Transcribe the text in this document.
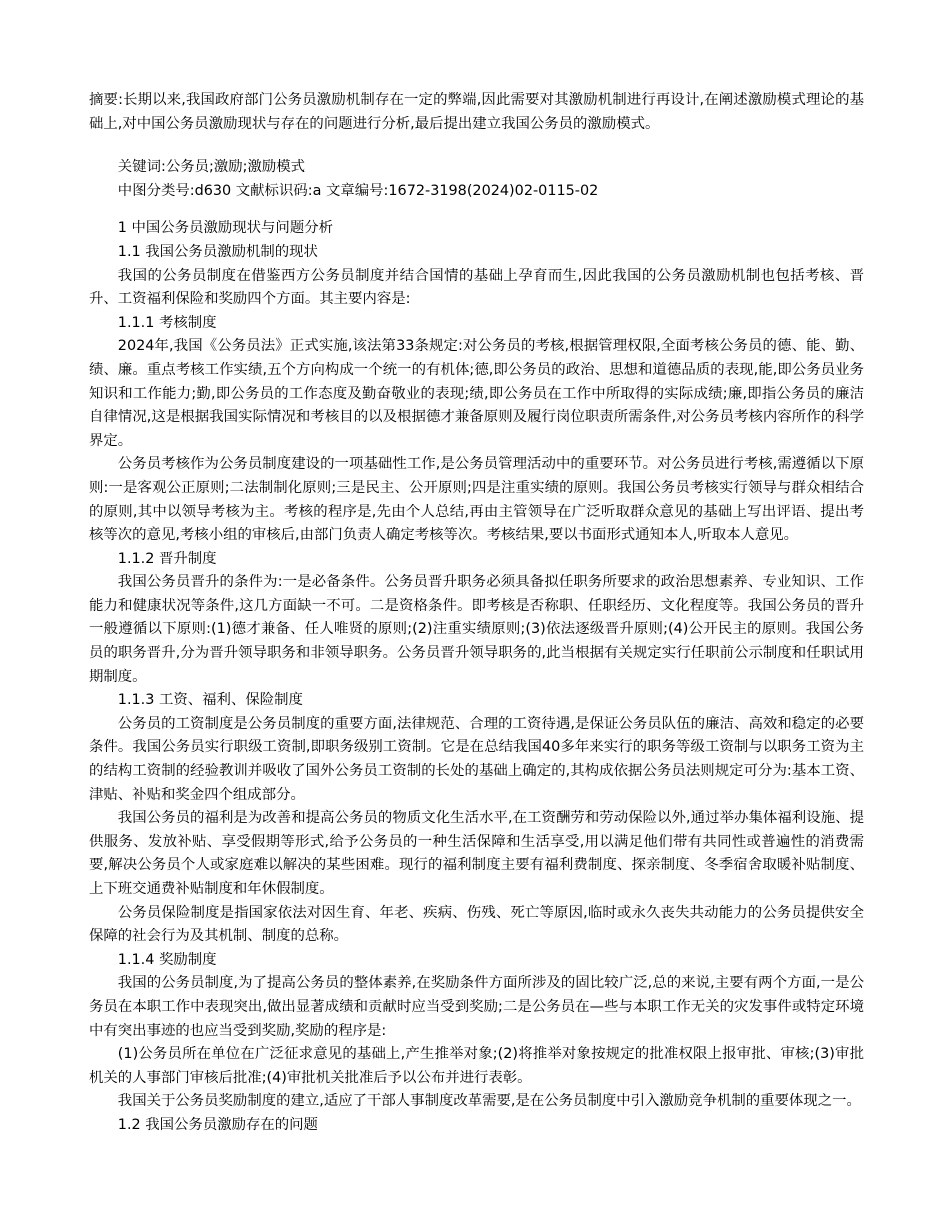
摘要:长期以来,我国政府部门公务员激励机制存在一定的弊端,因此需要对其激励机制进行再设计,在阐述激励模式理论的基础上,对中国公务员激励现状与存在的问题进行分析,最后提出建立我国公务员的激励模式。

关键词:公务员;激励;激励模式

中图分类号:d630 文献标识码:a 文章编号:1672-3198(2024)02-0115-02

1 中国公务员激励现状与问题分析

1.1 我国公务员激励机制的现状

我国的公务员制度在借鉴西方公务员制度并结合国情的基础上孕育而生,因此我国的公务员激励机制也包括考核、晋升、工资福利保险和奖励四个方面。其主要内容是:

1.1.1 考核制度

2024年,我国《公务员法》正式实施,该法第33条规定:对公务员的考核,根据管理权限,全面考核公务员的德、能、勤、绩、廉。重点考核工作实绩,五个方向构成一个统一的有机体;德,即公务员的政治、思想和道德品质的表现,能,即公务员业务知识和工作能力;勤,即公务员的工作态度及勤奋敬业的表现;绩,即公务员在工作中所取得的实际成绩;廉,即指公务员的廉洁自律情况,这是根据我国实际情况和考核目的以及根据德才兼备原则及履行岗位职责所需条件,对公务员考核内容所作的科学界定。

公务员考核作为公务员制度建设的一项基础性工作,是公务员管理活动中的重要环节。对公务员进行考核,需遵循以下原则:一是客观公正原则;二法制制化原则;三是民主、公开原则;四是注重实绩的原则。我国公务员考核实行领导与群众相结合的原则,其中以领导考核为主。考核的程序是,先由个人总结,再由主管领导在广泛听取群众意见的基础上写出评语、提出考核等次的意见,考核小组的审核后,由部门负责人确定考核等次。考核结果,要以书面形式通知本人,听取本人意见。

1.1.2 晋升制度

我国公务员晋升的条件为:一是必备条件。公务员晋升职务必须具备拟任职务所要求的政治思想素养、专业知识、工作能力和健康状况等条件,这几方面缺一不可。二是资格条件。即考核是否称职、任职经历、文化程度等。我国公务员的晋升一般遵循以下原则:(1)德才兼备、任人唯贤的原则;(2)注重实绩原则;(3)依法逐级晋升原则;(4)公开民主的原则。我国公务员的职务晋升,分为晋升领导职务和非领导职务。公务员晋升领导职务的,此当根据有关规定实行任职前公示制度和任职试用期制度。

1.1.3 工资、福利、保险制度

公务员的工资制度是公务员制度的重要方面,法律规范、合理的工资待遇,是保证公务员队伍的廉洁、高效和稳定的必要条件。我国公务员实行职级工资制,即职务级别工资制。它是在总结我国40多年来实行的职务等级工资制与以职务工资为主的结构工资制的经验教训并吸收了国外公务员工资制的长处的基础上确定的,其构成依据公务员法则规定可分为:基本工资、津贴、补贴和奖金四个组成部分。

我国公务员的福利是为改善和提高公务员的物质文化生活水平,在工资酬劳和劳动保险以外,通过举办集体福利设施、提供服务、发放补贴、享受假期等形式,给予公务员的一种生活保障和生活享受,用以满足他们带有共同性或普遍性的消费需要,解决公务员个人或家庭难以解决的某些困难。现行的福利制度主要有福利费制度、探亲制度、冬季宿舍取暖补贴制度、上下班交通费补贴制度和年休假制度。

公务员保险制度是指国家依法对因生育、年老、疾病、伤残、死亡等原因,临时或永久丧失共动能力的公务员提供安全保障的社会行为及其机制、制度的总称。

1.1.4 奖励制度

我国的公务员制度,为了提高公务员的整体素养,在奖励条件方面所涉及的固比较广泛,总的来说,主要有两个方面,一是公务员在本职工作中表现突出,做出显著成绩和贡献时应当受到奖励;二是公务员在—些与本职工作无关的灾发事件或特定环境中有突出事迹的也应当受到奖励,奖励的程序是:

(1)公务员所在单位在广泛征求意见的基础上,产生推举对象;(2)将推举对象按规定的批准权限上报审批、审核;(3)审批机关的人事部门审核后批准;(4)审批机关批准后予以公布并进行表彰。

我国关于公务员奖励制度的建立,适应了干部人事制度改革需要,是在公务员制度中引入激励竞争机制的重要体现之一。

1.2 我国公务员激励存在的问题
